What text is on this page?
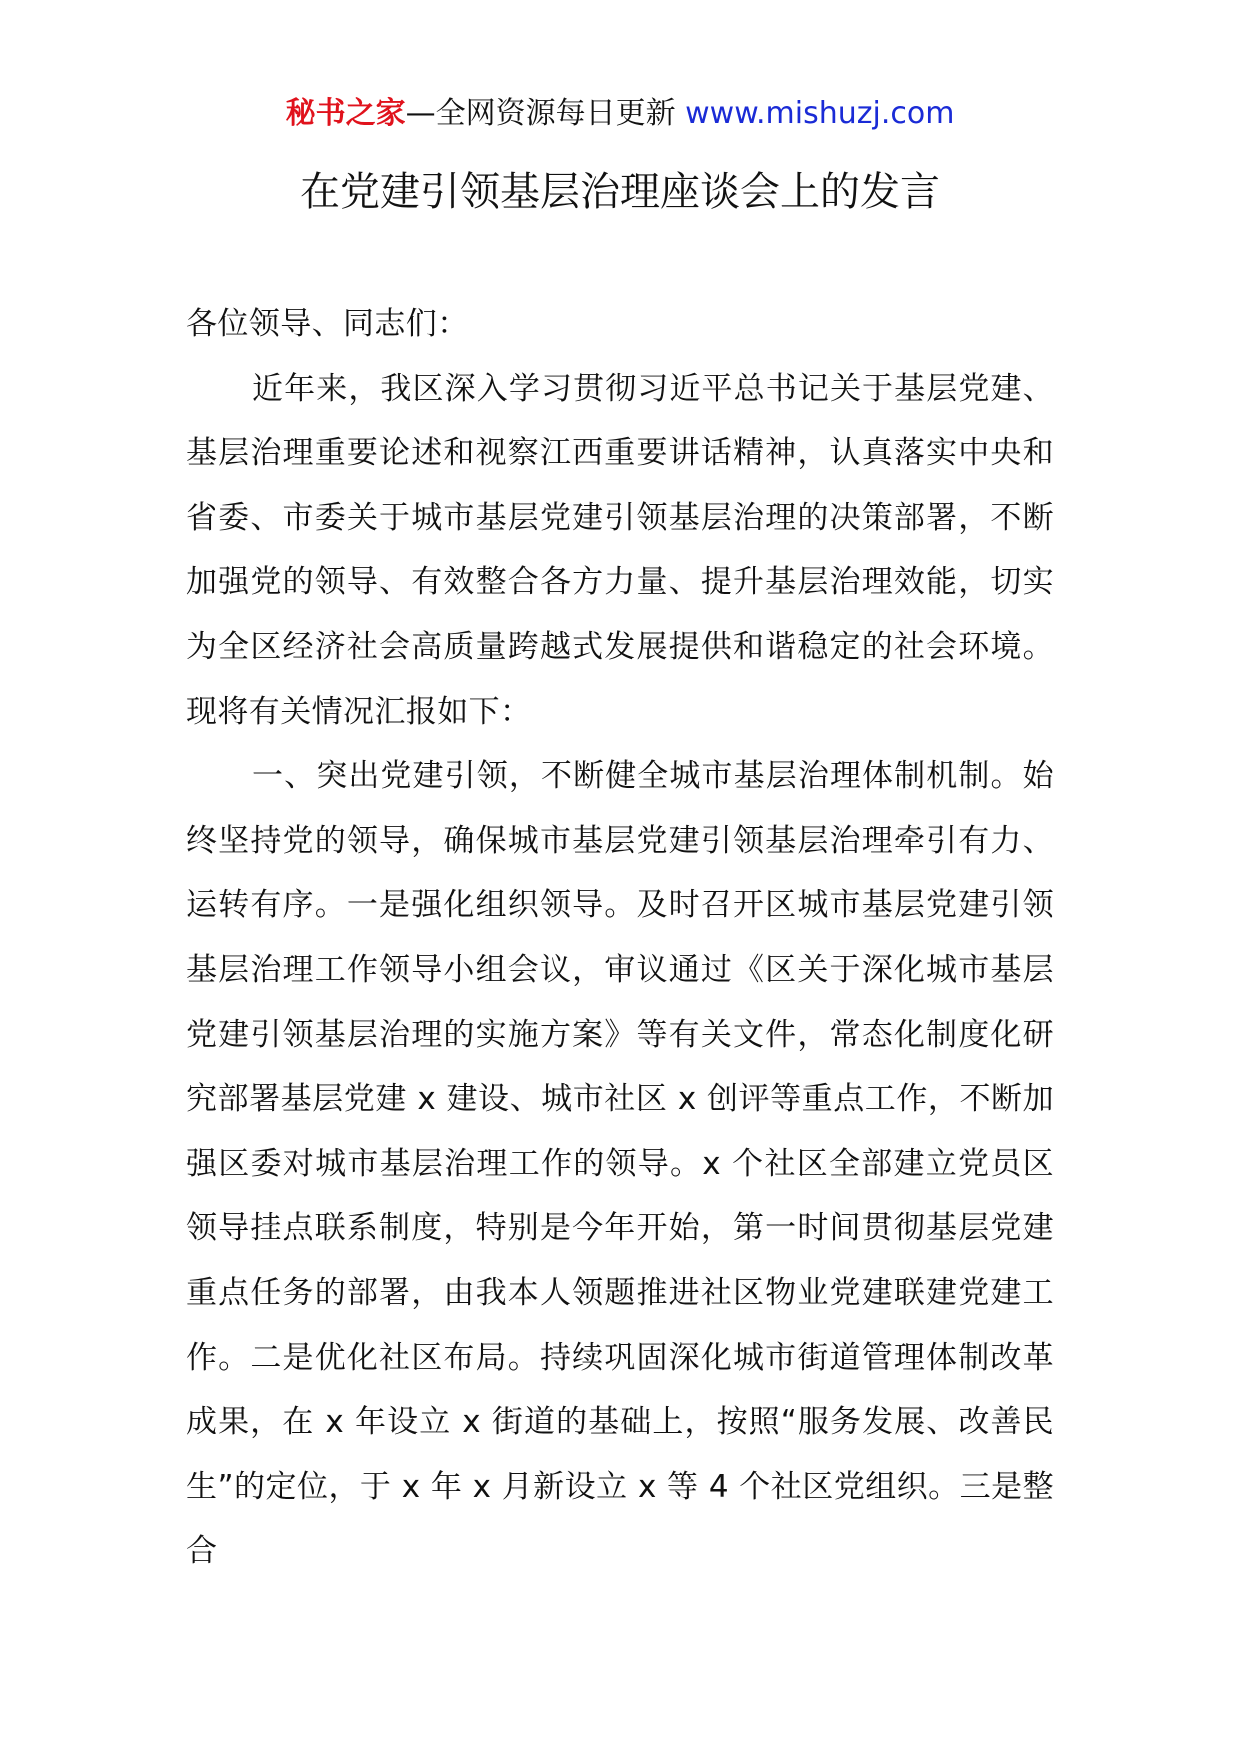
秘书之家—全网资源每日更新 www.mishuzj.com
在党建引领基层治理座谈会上的发言

各位领导、同志们：

近年来，我区深入学习贯彻习近平总书记关于基层党建、基层治理重要论述和视察江西重要讲话精神，认真落实中央和省委、市委关于城市基层党建引领基层治理的决策部署，不断加强党的领导、有效整合各方力量、提升基层治理效能，切实为全区经济社会高质量跨越式发展提供和谐稳定的社会环境。现将有关情况汇报如下：

一、突出党建引领，不断健全城市基层治理体制机制。始终坚持党的领导，确保城市基层党建引领基层治理牵引有力、运转有序。一是强化组织领导。及时召开区城市基层党建引领基层治理工作领导小组会议，审议通过《区关于深化城市基层党建引领基层治理的实施方案》等有关文件，常态化制度化研究部署基层党建 x 建设、城市社区 x 创评等重点工作，不断加强区委对城市基层治理工作的领导。x 个社区全部建立党员区领导挂点联系制度，特别是今年开始，第一时间贯彻基层党建重点任务的部署，由我本人领题推进社区物业党建联建党建工作。二是优化社区布局。持续巩固深化城市街道管理体制改革成果，在 x 年设立 x 街道的基础上，按照“服务发展、改善民生”的定位，于 x 年 x 月新设立 x 等 4 个社区党组织。三是整合
